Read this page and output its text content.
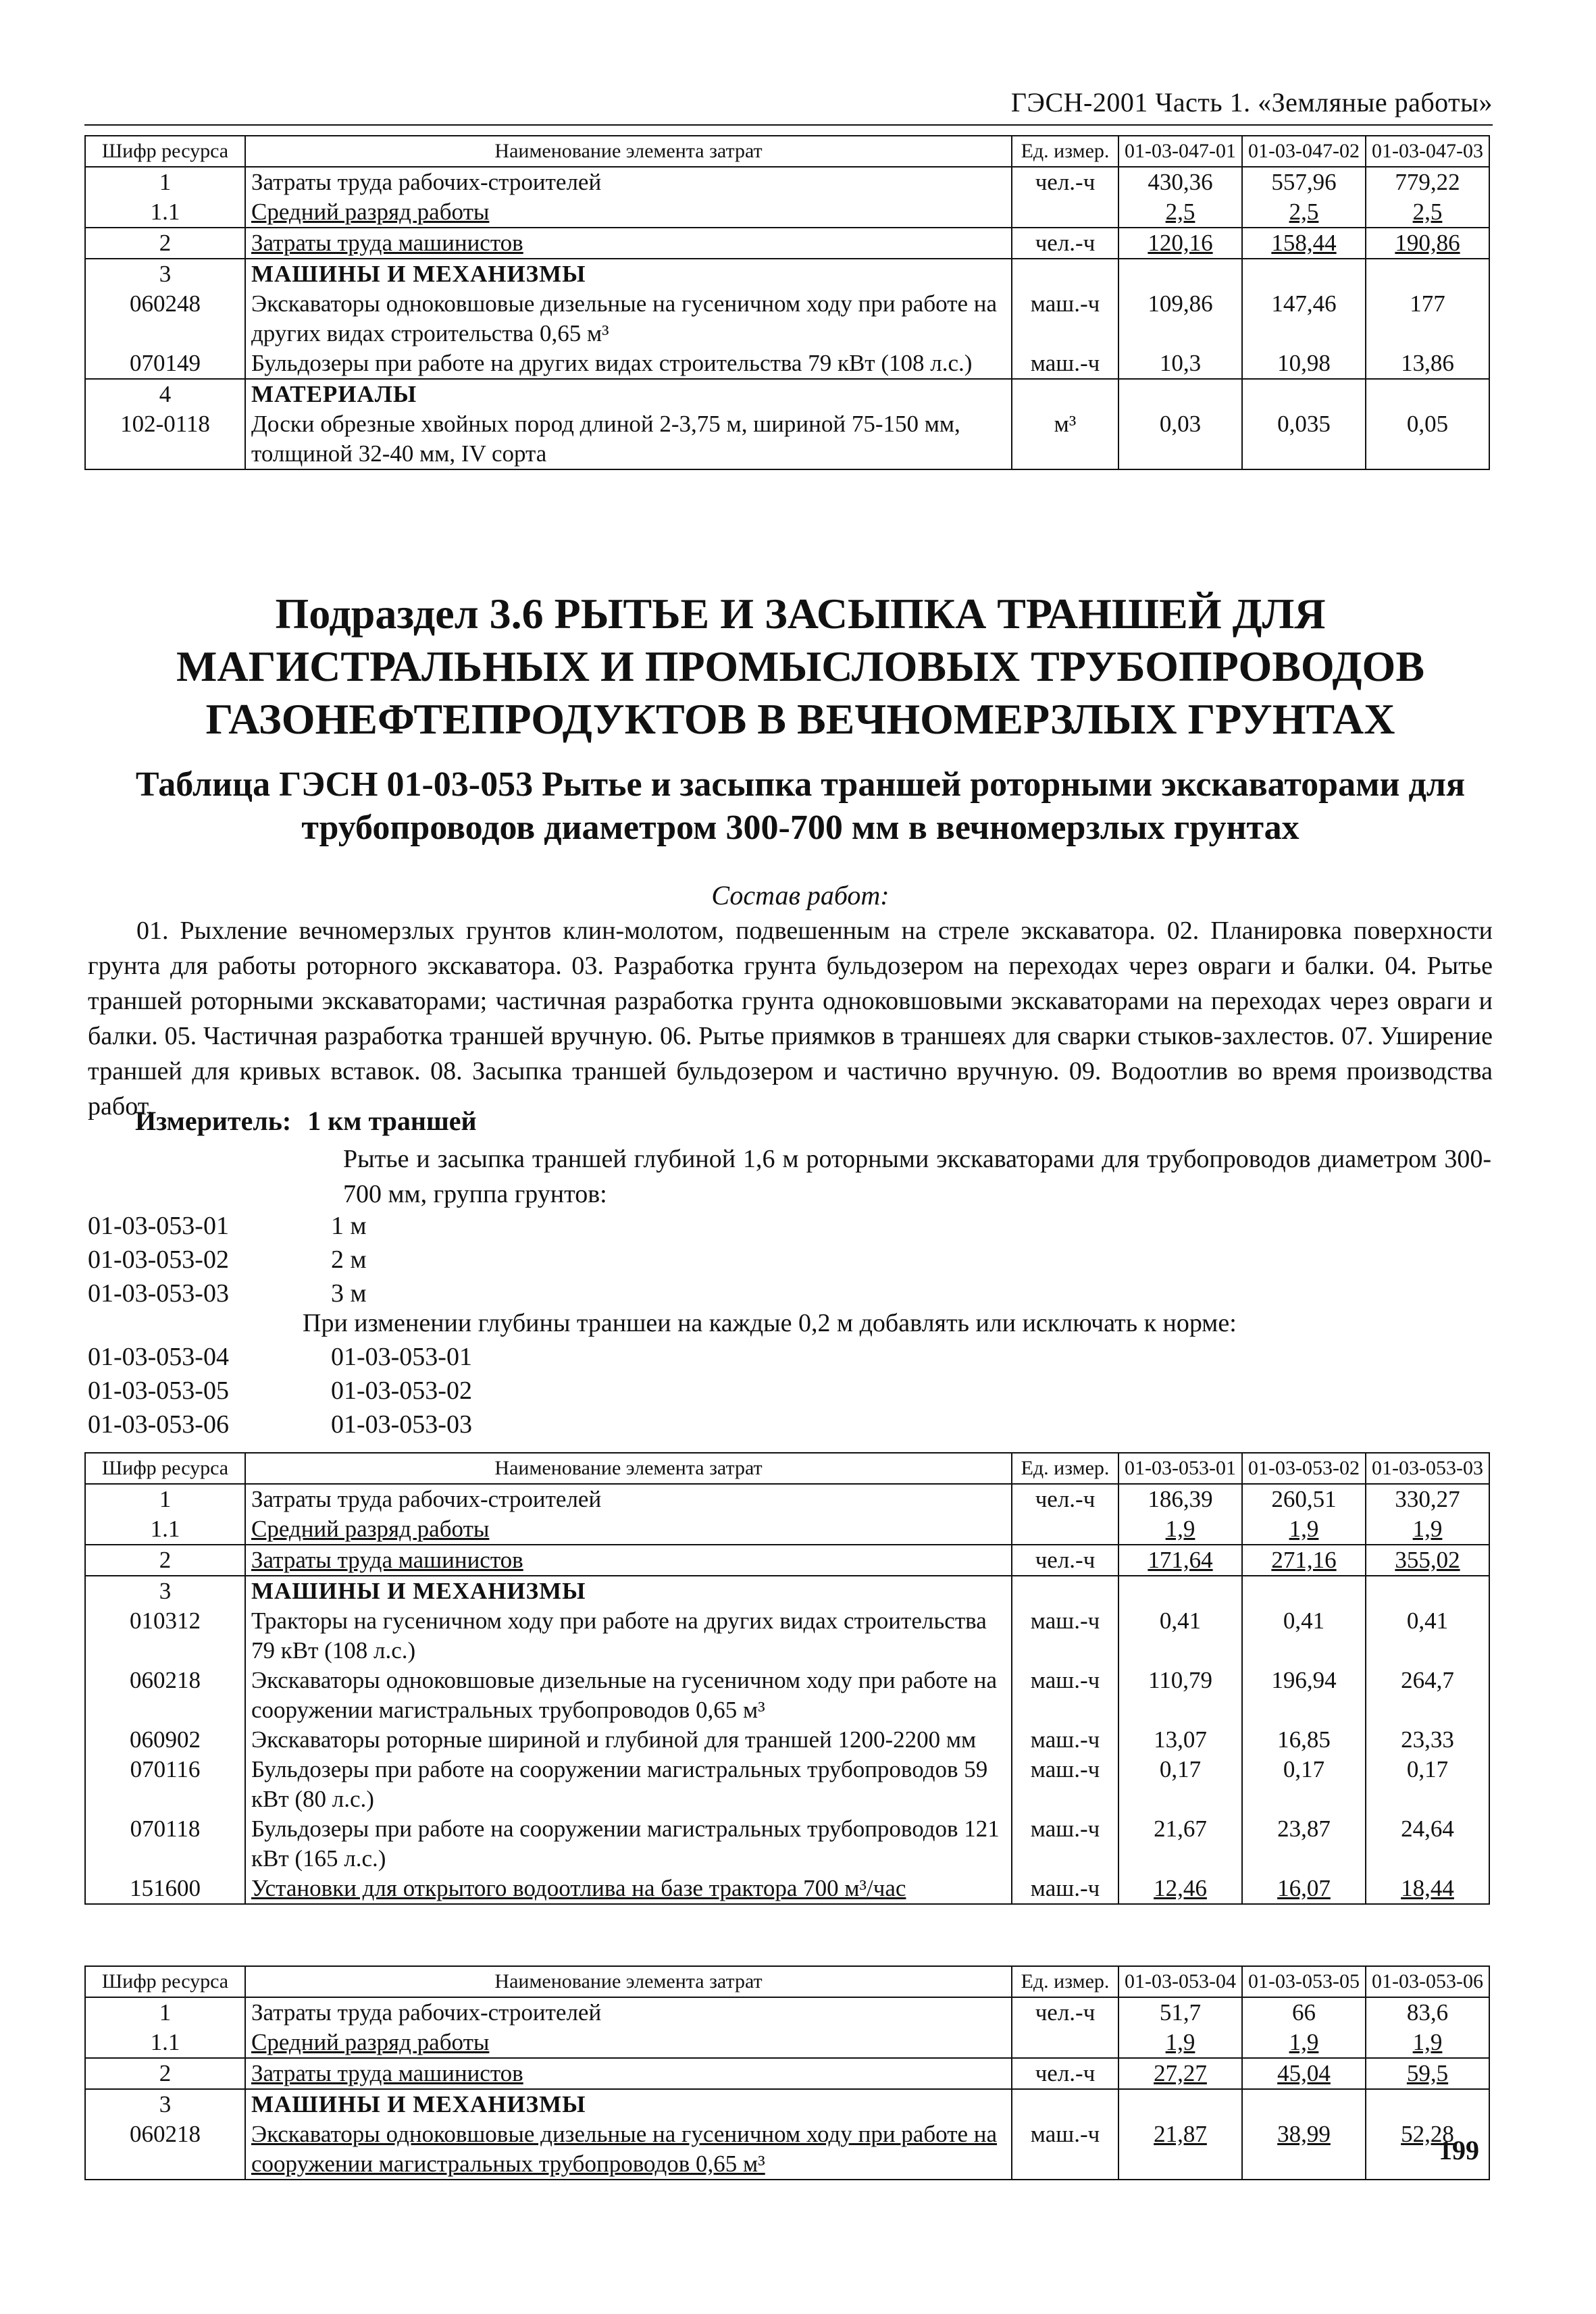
ГЭСН-2001 Часть 1. «Земляные работы»
Шифр ресурса	Наименование элемента затрат	Ед. измер.	01-03-047-01	01-03-047-02	01-03-047-03
1	Затраты труда рабочих-строителей	чел.-ч	430,36	557,96	779,22
1.1	Средний разряд работы		2,5	2,5	2,5
2	Затраты труда машинистов	чел.-ч	120,16	158,44	190,86
3	МАШИНЫ И МЕХАНИЗМЫ				
060248	Экскаваторы одноковшовые дизельные на гусеничном ходу при работе на других видах строительства 0,65 м³	маш.-ч	109,86	147,46	177
070149	Бульдозеры при работе на других видах строительства 79 кВт (108 л.с.)	маш.-ч	10,3	10,98	13,86
4	МАТЕРИАЛЫ				
102-0118	Доски обрезные хвойных пород длиной 2-3,75 м, шириной 75-150 мм, толщиной 32-40 мм, IV сорта	м³	0,03	0,035	0,05
Подраздел 3.6 РЫТЬЕ И ЗАСЫПКА ТРАНШЕЙ ДЛЯ МАГИСТРАЛЬНЫХ И ПРОМЫСЛОВЫХ ТРУБОПРОВОДОВ ГАЗОНЕФТЕПРОДУКТОВ В ВЕЧНОМЕРЗЛЫХ ГРУНТАХ
Таблица ГЭСН 01-03-053 Рытье и засыпка траншей роторными экскаваторами для трубопроводов диаметром 300-700 мм в вечномерзлых грунтах
Состав работ:
01. Рыхление вечномерзлых грунтов клин-молотом, подвешенным на стреле экскаватора. 02. Планировка поверхности грунта для работы роторного экскаватора. 03. Разработка грунта бульдозером на переходах через овраги и балки. 04. Рытье траншей роторными экскаваторами; частичная разработка грунта одноковшовыми экскаваторами на переходах через овраги и балки. 05. Частичная разработка траншей вручную. 06. Рытье приямков в траншеях для сварки стыков-захлестов. 07. Уширение траншей для кривых вставок. 08. Засыпка траншей бульдозером и частично вручную. 09. Водоотлив во время производства работ.
Измеритель: 1 км траншей
Рытье и засыпка траншей глубиной 1,6 м роторными экскаваторами для трубопроводов диаметром 300-700 мм, группа грунтов:
01-03-053-01	1 м
01-03-053-02	2 м
01-03-053-03	3 м
При изменении глубины траншеи на каждые 0,2 м добавлять или исключать к норме:
01-03-053-04	01-03-053-01
01-03-053-05	01-03-053-02
01-03-053-06	01-03-053-03
Шифр ресурса	Наименование элемента затрат	Ед. измер.	01-03-053-01	01-03-053-02	01-03-053-03
1	Затраты труда рабочих-строителей	чел.-ч	186,39	260,51	330,27
1.1	Средний разряд работы		1,9	1,9	1,9
2	Затраты труда машинистов	чел.-ч	171,64	271,16	355,02
3	МАШИНЫ И МЕХАНИЗМЫ				
010312	Тракторы на гусеничном ходу при работе на других видах строительства 79 кВт (108 л.с.)	маш.-ч	0,41	0,41	0,41
060218	Экскаваторы одноковшовые дизельные на гусеничном ходу при работе на сооружении магистральных трубопроводов 0,65 м³	маш.-ч	110,79	196,94	264,7
060902	Экскаваторы роторные шириной и глубиной для траншей 1200-2200 мм	маш.-ч	13,07	16,85	23,33
070116	Бульдозеры при работе на сооружении магистральных трубопроводов 59 кВт (80 л.с.)	маш.-ч	0,17	0,17	0,17
070118	Бульдозеры при работе на сооружении магистральных трубопроводов 121 кВт (165 л.с.)	маш.-ч	21,67	23,87	24,64
151600	Установки для открытого водоотлива на базе трактора 700 м³/час	маш.-ч	12,46	16,07	18,44
Шифр ресурса	Наименование элемента затрат	Ед. измер.	01-03-053-04	01-03-053-05	01-03-053-06
1	Затраты труда рабочих-строителей	чел.-ч	51,7	66	83,6
1.1	Средний разряд работы		1,9	1,9	1,9
2	Затраты труда машинистов	чел.-ч	27,27	45,04	59,5
3	МАШИНЫ И МЕХАНИЗМЫ				
060218	Экскаваторы одноковшовые дизельные на гусеничном ходу при работе на сооружении магистральных трубопроводов 0,65 м³	маш.-ч	21,87	38,99	52,28
199
